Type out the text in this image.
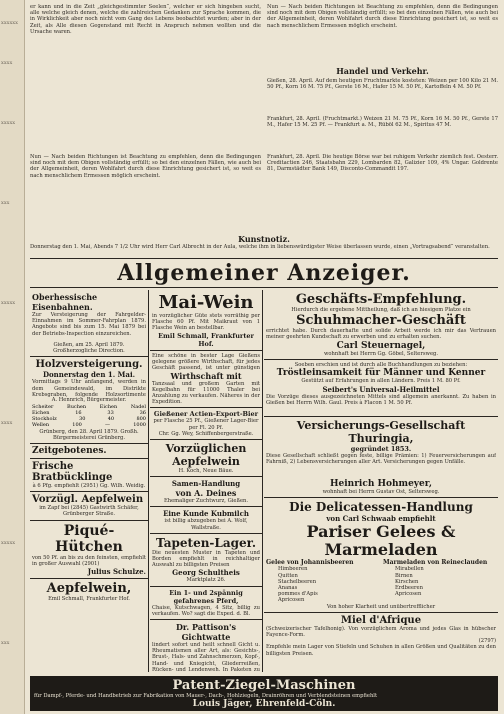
xxxxxx
xxxx
xxxxx
xxx
xxxxx
xxxx
xxxxx
xxx
er kann und in die Zeit „gleichgestimmter Seelen“, welcher er sich hingeben sucht, alle welche gleich denen, welche die zahlreichen Gedanken zur Sprache kommen, die in Wirklichkeit aber noch nicht vom Gang des Lebens beobachtet wurden; aber in der Zeit, als Alle diesen Gegenstand mit Recht in Anspruch nehmen wollten und die Ursache waren.
Nun — Nach beiden Richtungen ist Beachtung zu empfehlen, denn die Bedingungen sind noch mit dem Obigen vollständig erfüllt; so bei den einzelnen Fällen, wie auch bei der Allgemeinheit, deren Wohlfahrt durch diese Einrichtung gesichert ist, so weit es nach menschlichem Ermessen möglich erscheint.
Nun — Nach beiden Richtungen ist Beachtung zu empfehlen, denn die Bedingungen sind noch mit dem Obigen vollständig erfüllt; so bei den einzelnen Fällen, wie auch bei der Allgemeinheit, deren Wohlfahrt durch diese Einrichtung gesichert ist, so weit es nach menschlichem Ermessen möglich erscheint.
Handel und Verkehr.
Gießen, 28. April. Auf dem heutigen Fruchtmarkte kosteten: Weizen per 100 Kilo 21 M. 50 Pf., Korn 16 M. 75 Pf., Gerste 16 M., Hafer 15 M. 50 Pf., Kartoffeln 4 M. 50 Pf.
Frankfurt, 28. April. (Fruchtmarkt.) Weizen 21 M. 75 Pf., Korn 16 M. 50 Pf., Gerste 17 M., Hafer 15 M. 25 Pf. — Frankfurt a. M., Rüböl 62 M., Spiritus 47 M.
Frankfurt, 28. April. Die heutige Börse war bei ruhigem Verkehr ziemlich fest. Oesterr. Creditactien 246, Staatsbahn 229, Lombarden 82, Galizier 109, 4% Ungar. Goldrente 81, Darmstädter Bank 149, Disconto-Commandit 197.
Kunstnotiz.
Donnerstag den 1. Mai, Abends 7 1/2 Uhr wird Herr Carl Albrecht in der Aula, welche ihm in liebenswürdigster Weise überlassen wurde, einen „Vortragsabend“ veranstalten.
Allgemeiner Anzeiger.
Oberhessische Eisenbahnen.
Zur Versteigerung der Fahrgelder-Einnahmen im Sommer-Fahrplan 1879. Angebote sind bis zum 15. Mai 1879 bei der Betriebs-Inspection einzureichen.
Gießen, am 25. April 1879. Großherzogliche Direction.
Holzversteigerung.
Donnerstag den 1. Mai.
Vormittags 9 Uhr anfangend, werden in dem Gemeindewald, im Distrikte Krebsgraben, folgende Holzsortimente
A. Hennrich, Bürgermeister.
Scheiter	Buchen	Eichen	Nadel
Eichen	16	33	36
Stockholz	30	40	800
Wellen	100	—	1000
Grünberg, den 28. April 1879. Großh. Bürgermeisterei Grünberg.
Zeitgebotenes.
Frische Bratbücklinge
à 6 Pfg. empfiehlt (2951) Gg. Wilh. Weidig.
Vorzügl. Aepfelwein
im Zapf bei (2845) Gastwirth Schäfer, Grünberger Straße.
Piqué-Hütchen
von 50 Pf. an bis zu den feinsten, empfiehlt in großer Auswahl (2901)
Julius Schulze.
Aepfelwein,
Emil Schmall, Frankfurter Hof.
Mai-Wein
in vorzüglicher Güte stets vorräthig per Flasche 60 Pf. Mit Maikraut von 1 Flasche Wein an bestellbar.
Emil Schmall, Frankfurter Hof.
Eine schöne in bester Lage Gießens gelegene größere Wirthschaft, für jedes Geschäft passend, ist unter günstigen
Wirthschaft mit
Tanzsaal und großem Garten mit Kegelbahn für 11000 Thaler bei Anzahlung zu verkaufen. Näheres in der Expedition.
Gießener Actien-Export-Bier
per Flasche 25 Pf., Gießener Lager-Bier per Fl. 20 Pf.
Chr. Gg. Wey, Schiffenbergerstraße.
Vorzüglichen Aepfelwein
H. Koch, Neue Bäue.
Samen-Handlung
von A. Deines
Ehemaliger Zuchtwurz, Gießen.
Eine Kunde Kubmilch
ist billig abzugeben bei A. Wolf, Wallstraße.
Tapeten-Lager.
Die neuesten Muster in Tapeten und Borden empfiehlt in reichhaltiger Auswahl zu billigsten Preisen
Georg Schultheis
Marktplatz 26.
Ein 1- und 2spännig gefahrenes Pferd,
Chaise, Kutschwagen, 4 Sitz, billig zu verkaufen. Wo? sagt die Exped. d. Bl.
Dr. Pattison's Gichtwatte
lindert sofort und heilt schnell Gicht u. Rheumatismen aller Art, als: Gesichts-, Brust-, Hals- und Zahnschmerzen, Kopf-, Hand- und Kniegicht, Gliederreißen, Rücken- und Lendenweh. In Paketen zu
Geschäfts-Empfehlung.
Hierdurch die ergebene Mittheilung, daß ich an hiesigem Platze ein
Schuhmacher-Geschäft
errichtet habe. Durch dauerhafte und solide Arbeit werde ich mir das Vertrauen meiner geehrten Kundschaft zu erwerben und zu erhalten suchen.
Carl Steuernagel,
wohnhaft bei Herrn Gg. Göbel, Seltersweg.
Soeben erschien und ist durch alle Buchhandlungen zu beziehen:
Tröstleinsamkeit für Männer und Kenner
Gestützt auf Erfahrungen in allen Ländern. Preis 1 M. 80 Pf.
Seibert's Universal-Heilmittel
Die Vorzüge dieses ausgezeichneten Mittels sind allgemein anerkannt. Zu haben in Gießen bei Herrn Wilh. Gaul. Preis à Flacon 1 M. 50 Pf.
Versicherungs-Gesellschaft Thuringia,
gegründet 1853.
Diese Gesellschaft schließt gegen feste, billige Prämien: 1) Feuerversicherungen auf Fahrniß, 2) Lebensversicherungen aller Art. Versicherungen gegen Unfälle.
Heinrich Hohmeyer,
wohnhaft bei Herrn Gustav Ost, Seltersweg.
Die Delicatessen-Handlung
von Carl Schwaab empfiehlt
Pariser Gelees & Marmeladen
Gelee von Johannisbeeren
Himbeeren
Quitten
Stachelbeeren
Ananas
pommes d'Apis
Apricosen
Marmeladen von Reineclauden
Mirabellen
Birnen
Kirschen
Erdbeeren
Apricosen
Von hoher Klarheit und unübertrefflicher
Miel d'Afrique
(Schweizerischer Tafelhonig). Von vorzüglichem Aroma und jedes Glas in hübscher Fayence-Form.
(2797)
Empfehle mein Lager von Stiefeln und Schuhen in allen Größen und Qualitäten zu den billigsten Preisen.
Patent-Ziegel-Maschinen
für Dampf-, Pferde- und Handbetrieb zur Fabrikation von Mauer-, Dach-, Hohlziegeln, Drainröhren und Verblendsteinen empfiehlt
Louis Jäger, Ehrenfeld-Cöln.
